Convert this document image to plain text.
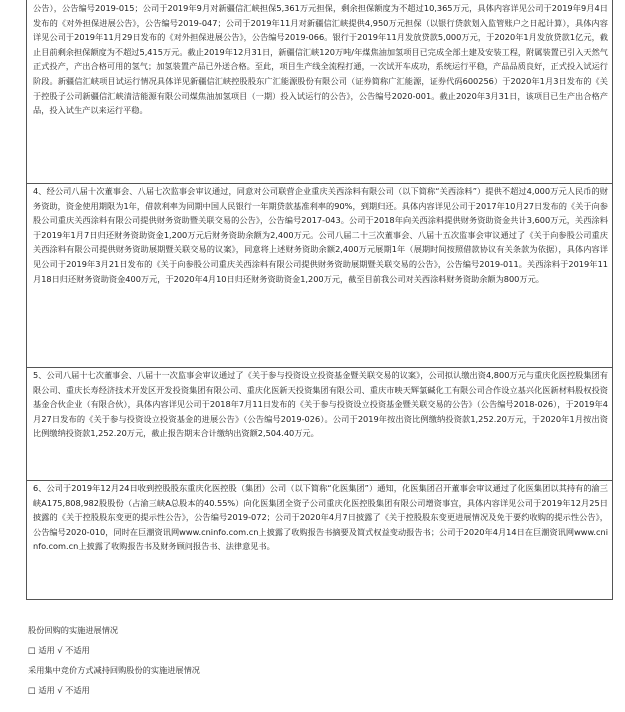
公告），公告编号2019-015；公司于2019年9月对新疆信汇峡担保5,361万元担保，剩余担保额度为不超过10,365万元，具体内容详见公司于2019年9月4日发布的《对外担保进展公告》，公告编号2019-047；公司于2019年11月对新疆信汇峡提供4,950万元担保（以银行贷款划入监管账户之日起计算），具体内容详见公司于2019年11月29日发布的《对外担保进展公告》，公告编号2019-066。银行于2019年11月发放贷款5,000万元，于2020年1月发放贷款1亿元，截止目前剩余担保额度为不超过5,415万元。截止2019年12月31日，新疆信汇峡120万吨/年煤焦油加氢项目已完成全部土建及安装工程，附属装置已引入天然气正式投产，产出合格可用的氢气；加氢装置产品已外送合格。至此，项目生产线全流程打通，一次试开车成功，系统运行平稳，产品品质良好，正式投入试运行阶段。新疆信汇峡项目试运行情况具体详见新疆信汇峡控股股东广汇能源股份有限公司（证券简称广汇能源，证券代码600256）于2020年1月3日发布的《关于控股子公司新疆信汇峡清洁能源有限公司煤焦油加氢项目（一期）投入试运行的公告》，公告编号2020-001。截止2020年3月31日，该项目已生产出合格产品，投入试生产以来运行平稳。

4、经公司八届十次董事会、八届七次监事会审议通过，同意对公司联营企业重庆关西涂料有限公司（以下简称“关西涂料”）提供不超过4,000万元人民币的财务资助，资金使用期限为1年，借款利率为同期中国人民银行一年期贷款基准利率的90%，到期归还。具体内容详见公司于2017年10月27日发布的《关于向参股公司重庆关西涂料有限公司提供财务资助暨关联交易的公告》，公告编号2017-043。公司于2018年向关西涂料提供财务资助资金共计3,600万元，关西涂料于2019年1月7日归还财务资助资金1,200万元后财务资助余额为2,400万元。公司八届二十三次董事会、八届十五次监事会审议通过了《关于向参股公司重庆关西涂料有限公司提供财务资助展期暨关联交易的议案》，同意将上述财务资助余额2,400万元展期1年（展期时间按照借款协议有关条款为依据），具体内容详见公司于2019年3月21日发布的《关于向参股公司重庆关西涂料有限公司提供财务资助展期暨关联交易的公告》，公告编号2019-011。关西涂料于2019年11月18日归还财务资助资金400万元，于2020年4月10日归还财务资助资金1,200万元，截至目前我公司对关西涂料财务资助余额为800万元。

5、公司八届十七次董事会、八届十一次监事会审议通过了《关于参与投资设立投资基金暨关联交易的议案》，公司拟认缴出资4,800万元与重庆化医控股集团有限公司、重庆长寿经济技术开发区开发投资集团有限公司、重庆化医新天投资集团有限公司、重庆市映天辉氯碱化工有限公司合作设立基兴化医新材料股权投资基金合伙企业（有限合伙），具体内容详见公司于2018年7月11日发布的《关于参与投资设立投资基金暨关联交易的公告》（公告编号2018-026），于2019年4月27日发布的《关于参与投资设立投资基金的进展公告》（公告编号2019-026）。公司于2019年按出资比例缴纳投资款1,252.20万元，于2020年1月按出资比例缴纳投资款1,252.20万元，截止报告期末合计缴纳出资额2,504.40万元。

6、公司于2019年12月24日收到控股股东重庆化医控股（集团）公司（以下简称“化医集团”）通知，化医集团召开董事会审议通过了化医集团以其持有的渝三峡A175,808,982股股份（占渝三峡A总股本的40.55%）向化医集团全资子公司重庆化医控股集团有限公司增资事宜，具体内容详见公司于2019年12月25日披露的《关于控股股东变更的提示性公告》，公告编号2019-072；公司于2020年4月7日披露了《关于控股股东变更进展情况及免于要约收购的提示性公告》，公告编号2020-010，同时在巨潮资讯网www.cninfo.com.cn上披露了收购报告书摘要及简式权益变动报告书；公司于2020年4月14日在巨潮资讯网www.cninfo.com.cn上披露了收购报告书及财务顾问报告书、法律意见书。

股份回购的实施进展情况

□ 适用 √ 不适用

采用集中竞价方式减持回购股份的实施进展情况

□ 适用 √ 不适用
